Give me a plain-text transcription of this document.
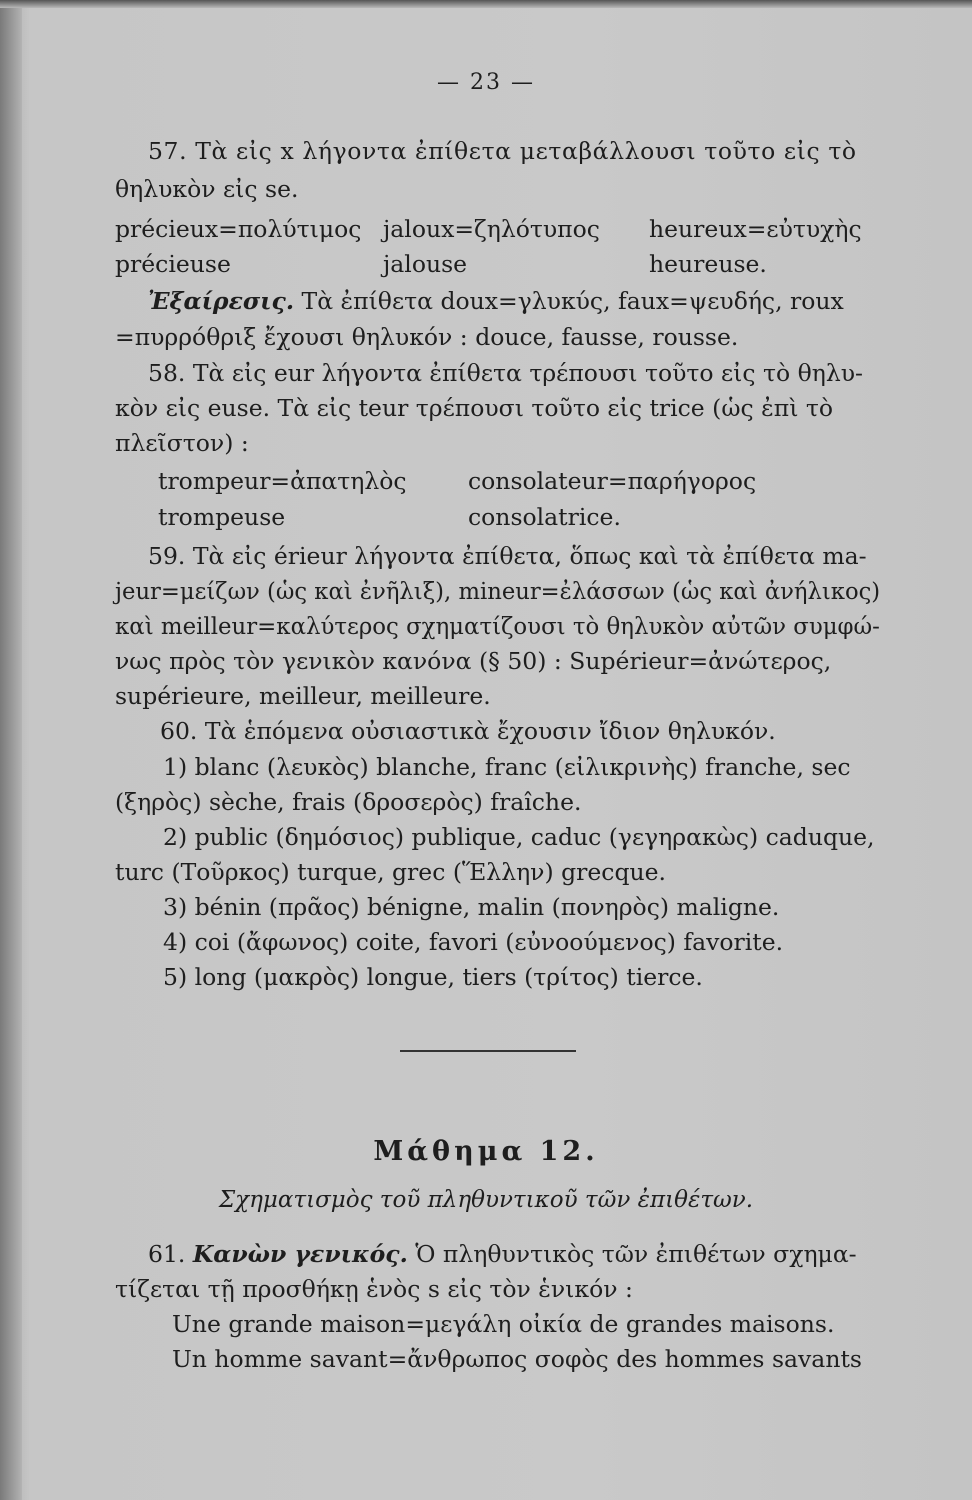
— 23 —
57. Τὰ εἰς x λήγοντα ἐπίθετα μεταβάλλουσι τοῦτο εἰς τὸ
θηλυκὸν εἰς se.
précieux=πολύτιμος jaloux=ζηλότυπος heureux=εὐτυχὴς
précieuse	jalouse	heureuse.
Ἐξαίρεσις. Τὰ ἐπίθετα doux=γλυκύς, faux=ψευδής, roux
=πυρρόθριξ ἔχουσι θηλυκόν : douce, fausse, rousse.
58. Τὰ εἰς eur λήγοντα ἐπίθετα τρέπουσι τοῦτο εἰς τὸ θηλυ-
κὸν εἰς euse. Τὰ εἰς teur τρέπουσι τοῦτο εἰς trice (ὡς ἐπὶ τὸ
πλεῖστον) :
trompeur=ἀπατηλὸς	consolateur=παρήγορος
trompeuse	consolatrice.
59. Τὰ εἰς érieur λήγοντα ἐπίθετα, ὅπως καὶ τὰ ἐπίθετα ma-
jeur=μείζων (ὡς καὶ ἐνῆλιξ), mineur=ἐλάσσων (ὡς καὶ ἀνήλικος)
καὶ meilleur=καλύτερος σχηματίζουσι τὸ θηλυκὸν αὐτῶν συμφώ-
νως πρὸς τὸν γενικὸν κανόνα (§ 50) : Supérieur=ἀνώτερος,
supérieure, meilleur, meilleure.
60. Τὰ ἑπόμενα οὐσιαστικὰ ἔχουσιν ἴδιον θηλυκόν.
1) blanc (λευκὸς) blanche, franc (εἰλικρινὴς) franche, sec
(ξηρὸς) sèche, frais (δροσερὸς) fraîche.
2) public (δημόσιος) publique, caduc (γεγηρακὼς) caduque,
turc (Τοῦρκος) turque, grec (Ἕλλην) grecque.
3) bénin (πρᾶος) bénigne, malin (πονηρὸς) maligne.
4) coi (ἄφωνος) coite, favori (εὐνοούμενος) favorite.
5) long (μακρὸς) longue, tiers (τρίτος) tierce.
Μάθημα 12.
Σχηματισμὸς τοῦ πληθυντικοῦ τῶν ἐπιθέτων.
61. Κανὼν γενικός. Ὁ πληθυντικὸς τῶν ἐπιθέτων σχημα-
τίζεται τῇ προσθήκῃ ἑνὸς s εἰς τὸν ἑνικόν :
Une grande maison=μεγάλη οἰκία de grandes maisons.
Un homme savant=ἄνθρωπος σοφὸς des hommes savants
